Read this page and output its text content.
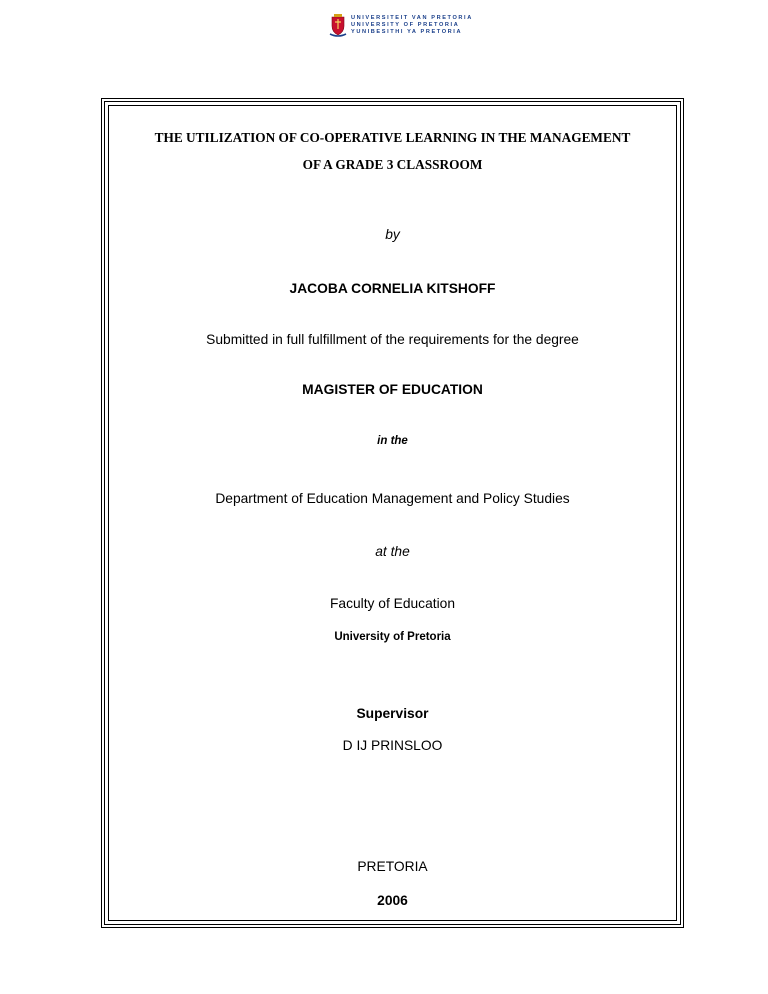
UNIVERSITEIT VAN PRETORIA
UNIVERSITY OF PRETORIA
YUNIBESITHI YA PRETORIA
THE UTILIZATION OF CO-OPERATIVE LEARNING IN THE MANAGEMENT
OF A GRADE 3 CLASSROOM
by
JACOBA CORNELIA KITSHOFF
Submitted in full fulfillment of the requirements for the degree
MAGISTER OF EDUCATION
in the
Department of Education Management and Policy Studies
at the
Faculty of Education
University of Pretoria
Supervisor
D IJ PRINSLOO
PRETORIA
2006
